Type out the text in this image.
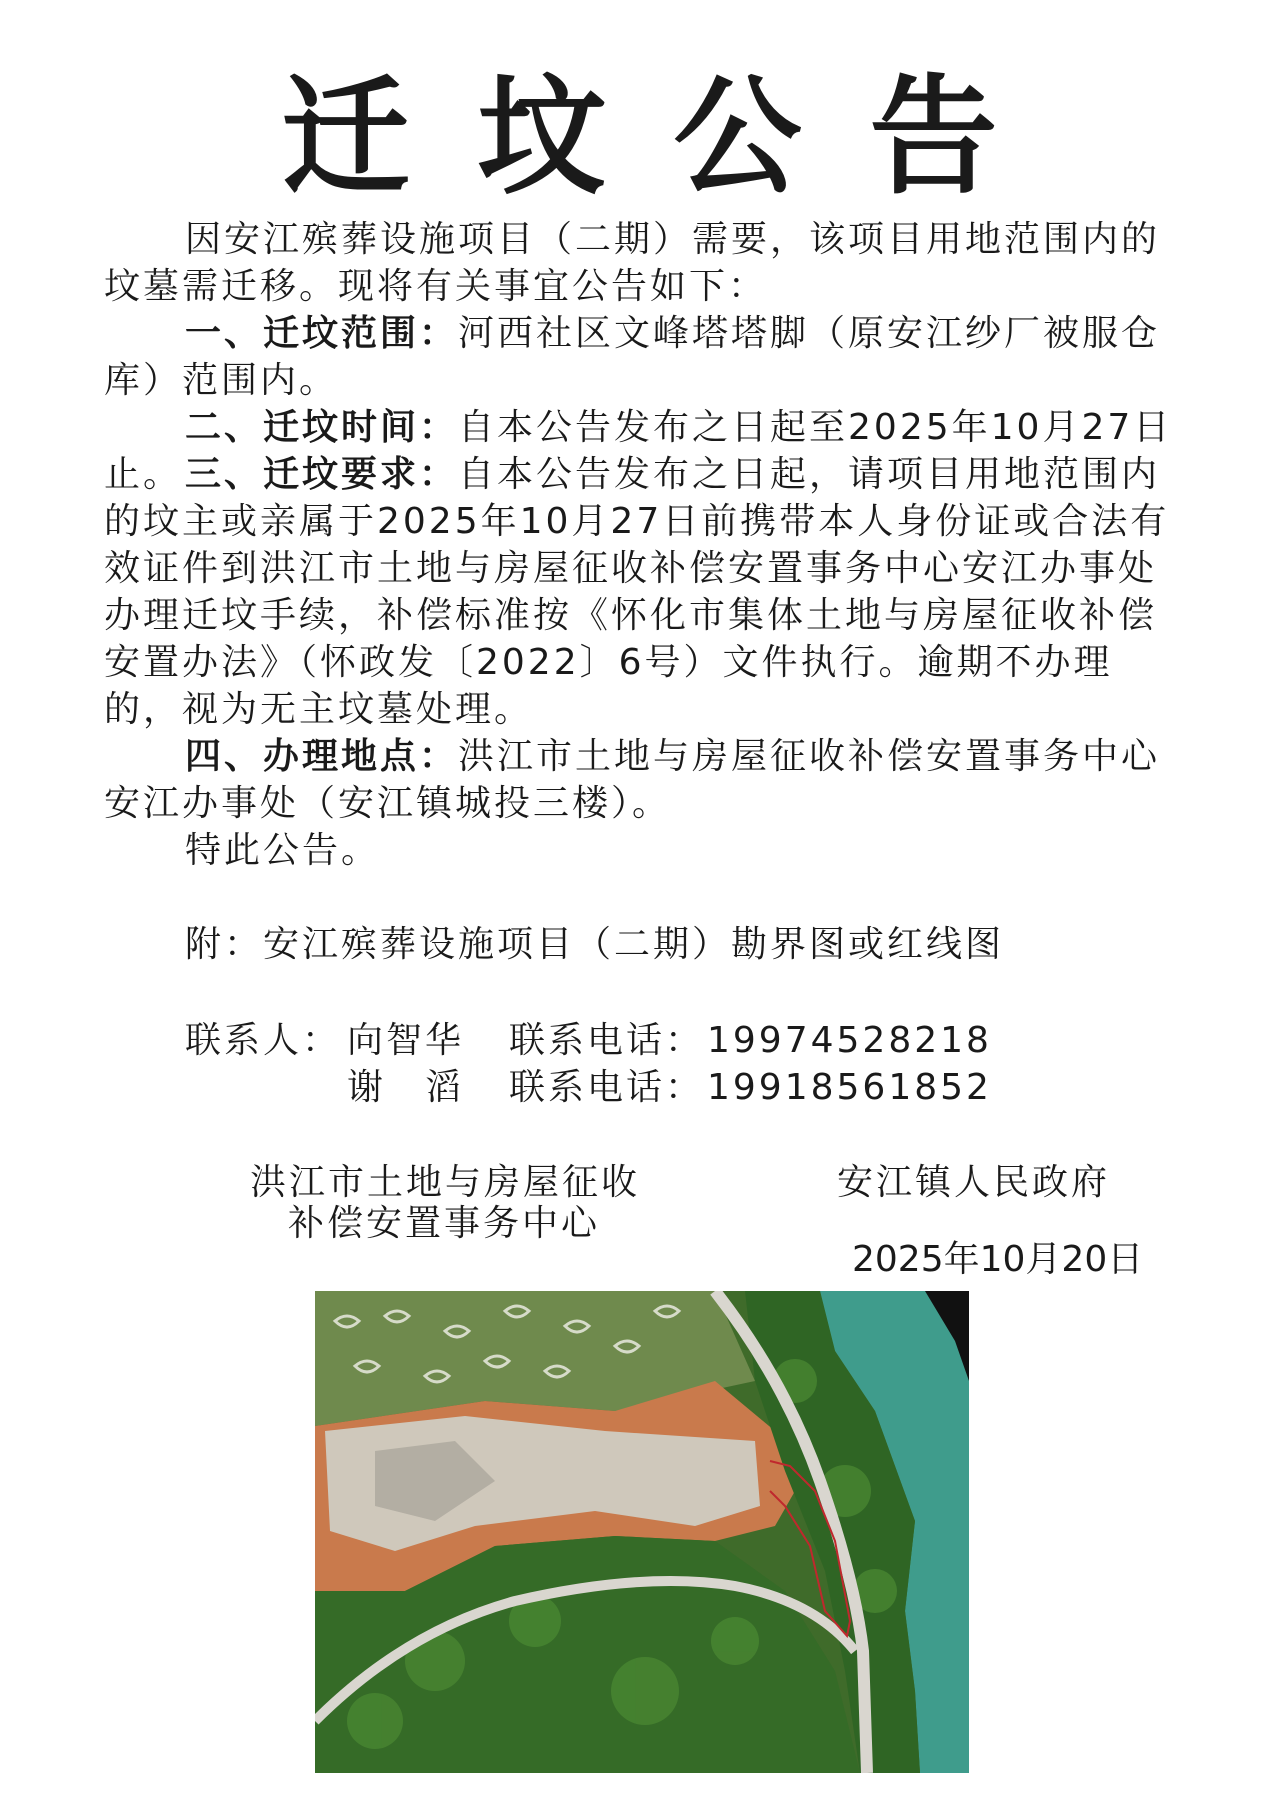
迁坟公告

因安江殡葬设施项目（二期）需要，该项目用地范围内的坟墓需迁移。现将有关事宜公告如下：

一、迁坟范围：河西社区文峰塔塔脚（原安江纱厂被服仓库）范围内。

二、迁坟时间：自本公告发布之日起至2025年10月27日止。 三、迁坟要求：自本公告发布之日起，请项目用地范围内的坟主或亲属于2025年10月27日前携带本人身份证或合法有效证件到洪江市土地与房屋征收补偿安置事务中心安江办事处办理迁坟手续，补偿标准按《怀化市集体土地与房屋征收补偿安置办法》（怀政发〔2022〕6号）文件执行。逾期不办理的，视为无主坟墓处理。

四、办理地点：洪江市土地与房屋征收补偿安置事务中心安江办事处（安江镇城投三楼）。

特此公告。
附：安江殡葬设施项目（二期）勘界图或红线图
联系人： 向智华 联系电话： 19974528218
谢　滔 联系电话： 19918561852
洪江市土地与房屋征收
补偿安置事务中心
安江镇人民政府
2025年10月20日
